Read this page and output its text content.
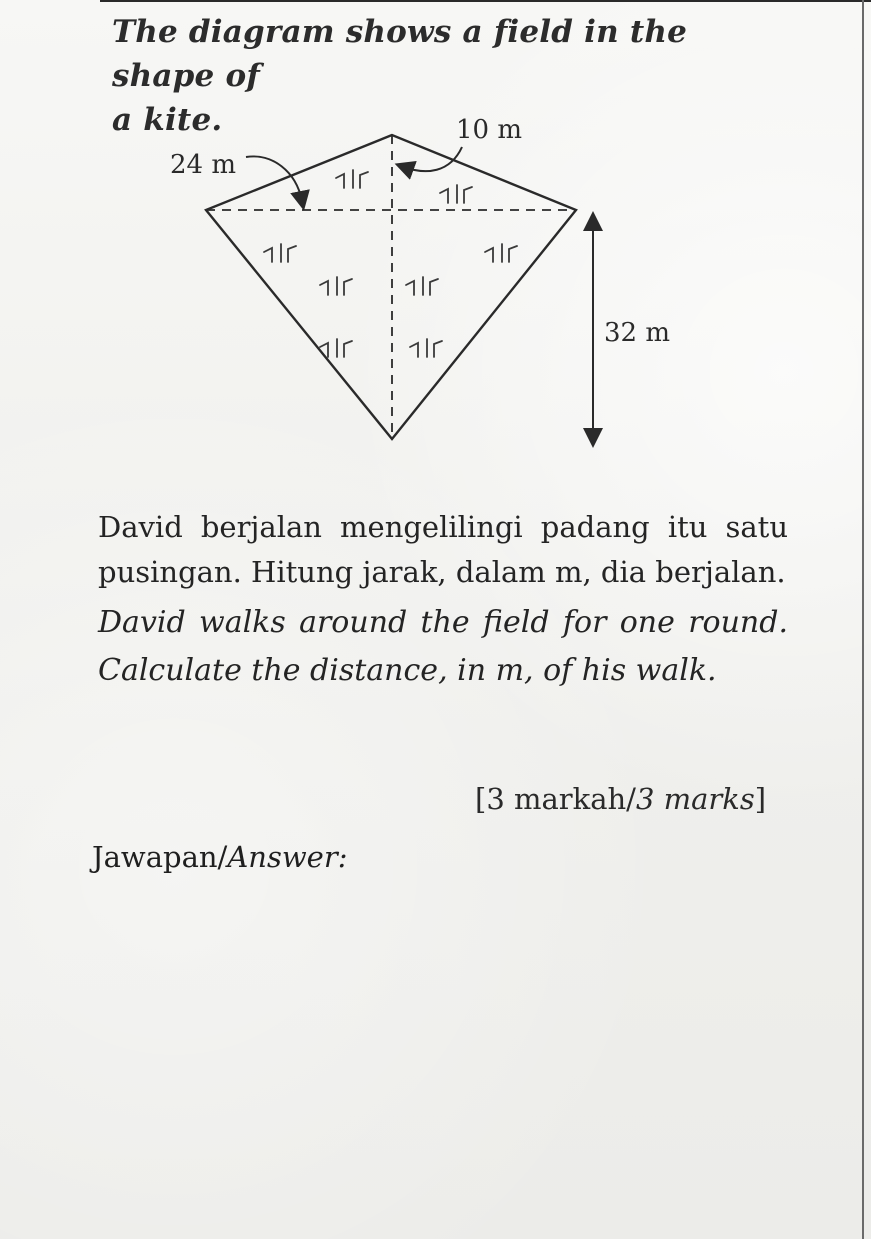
The diagram shows a field in the shape of
a kite.	10 m
24 m
32 m
David berjalan mengelilingi padang itu satu pusingan. Hitung jarak, dalam m, dia berjalan.
David walks around the field for one round. Calculate the distance, in m, of his walk.
[3 markah/3 marks]
Jawapan/Answer:
